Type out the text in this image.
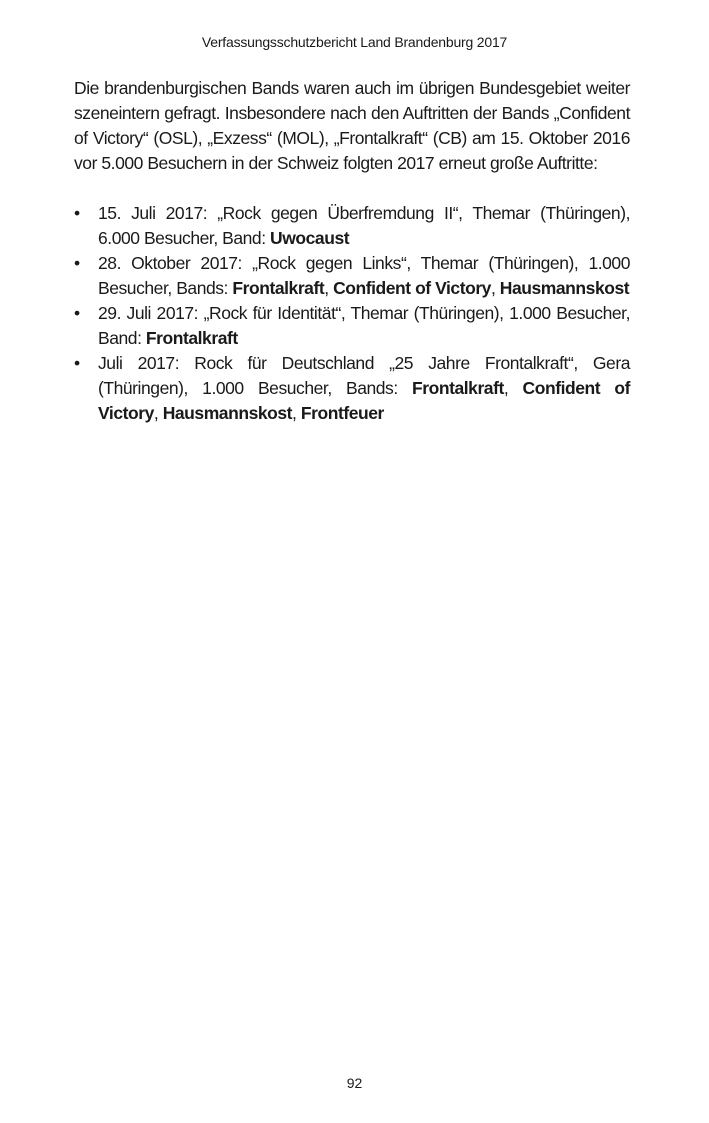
Verfassungsschutzbericht Land Brandenburg 2017

Die brandenburgischen Bands waren auch im übrigen Bundesgebiet weiter szeneintern gefragt. Insbesondere nach den Auftritten der Bands „Confident of Victory“ (OSL), „Exzess“ (MOL), „Frontalkraft“ (CB) am 15. Oktober 2016 vor 5.000 Besuchern in der Schweiz folgten 2017 erneut große Auftritte:

•	15. Juli 2017: „Rock gegen Überfremdung II“, Themar (Thüringen), 6.000 Besucher, Band: Uwocaust
•	28. Oktober 2017: „Rock gegen Links“, Themar (Thüringen), 1.000 Besucher, Bands: Frontalkraft, Confident of Victory, Hausmannskost
•	29. Juli 2017: „Rock für Identität“, Themar (Thüringen), 1.000 Besucher, Band: Frontalkraft
•	Juli 2017: Rock für Deutschland „25 Jahre Frontalkraft“, Gera (Thüringen), 1.000 Besucher, Bands: Frontalkraft, Confident of Victory, Hausmannskost, Frontfeuer
92
